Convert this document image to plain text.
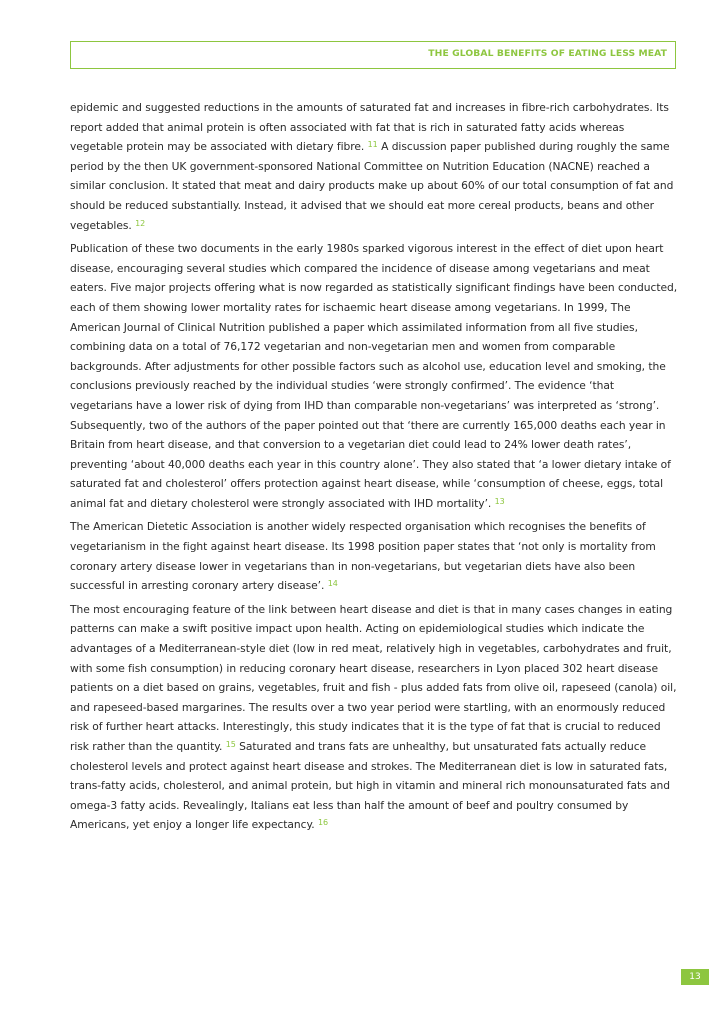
THE GLOBAL BENEFITS OF EATING LESS MEAT

epidemic and suggested reductions in the amounts of saturated fat and increases in fibre-rich carbohydrates. Its report added that animal protein is often associated with fat that is rich in saturated fatty acids whereas vegetable protein may be associated with dietary fibre. $^{11}$ A discussion paper published during roughly the same period by the then UK government-sponsored National Committee on Nutrition Education (NACNE) reached a similar conclusion. It stated that meat and dairy products make up about 60% of our total consumption of fat and should be reduced substantially. Instead, it advised that we should eat more cereal products, beans and other vegetables. $^{12}$

Publication of these two documents in the early 1980s sparked vigorous interest in the effect of diet upon heart disease, encouraging several studies which compared the incidence of disease among vegetarians and meat eaters. Five major projects offering what is now regarded as statistically significant findings have been conducted, each of them showing lower mortality rates for ischaemic heart disease among vegetarians. In 1999, The American Journal of Clinical Nutrition published a paper which assimilated information from all five studies, combining data on a total of 76,172 vegetarian and non-vegetarian men and women from comparable backgrounds. After adjustments for other possible factors such as alcohol use, education level and smoking, the conclusions previously reached by the individual studies ‘were strongly confirmed’. The evidence ‘that vegetarians have a lower risk of dying from IHD than comparable non-vegetarians’ was interpreted as ‘strong’. Subsequently, two of the authors of the paper pointed out that ‘there are currently 165,000 deaths each year in Britain from heart disease, and that conversion to a vegetarian diet could lead to 24% lower death rates’, preventing ‘about 40,000 deaths each year in this country alone’. They also stated that ‘a lower dietary intake of saturated fat and cholesterol’ offers protection against heart disease, while ‘consumption of cheese, eggs, total animal fat and dietary cholesterol were strongly associated with IHD mortality’. $^{13}$

The American Dietetic Association is another widely respected organisation which recognises the benefits of vegetarianism in the fight against heart disease. Its 1998 position paper states that ‘not only is mortality from coronary artery disease lower in vegetarians than in non-vegetarians, but vegetarian diets have also been successful in arresting coronary artery disease’. $^{14}$

The most encouraging feature of the link between heart disease and diet is that in many cases changes in eating patterns can make a swift positive impact upon health. Acting on epidemiological studies which indicate the advantages of a Mediterranean-style diet (low in red meat, relatively high in vegetables, carbohydrates and fruit, with some fish consumption) in reducing coronary heart disease, researchers in Lyon placed 302 heart disease patients on a diet based on grains, vegetables, fruit and fish - plus added fats from olive oil, rapeseed (canola) oil, and rapeseed-based margarines. The results over a two year period were startling, with an enormously reduced risk of further heart attacks. Interestingly, this study indicates that it is the type of fat that is crucial to reduced risk rather than the quantity. $^{15}$ Saturated and trans fats are unhealthy, but unsaturated fats actually reduce cholesterol levels and protect against heart disease and strokes. The Mediterranean diet is low in saturated fats, trans-fatty acids, cholesterol, and animal protein, but high in vitamin and mineral rich monounsaturated fats and omega-3 fatty acids. Revealingly, Italians eat less than half the amount of beef and poultry consumed by Americans, yet enjoy a longer life expectancy. $^{16}$

13
